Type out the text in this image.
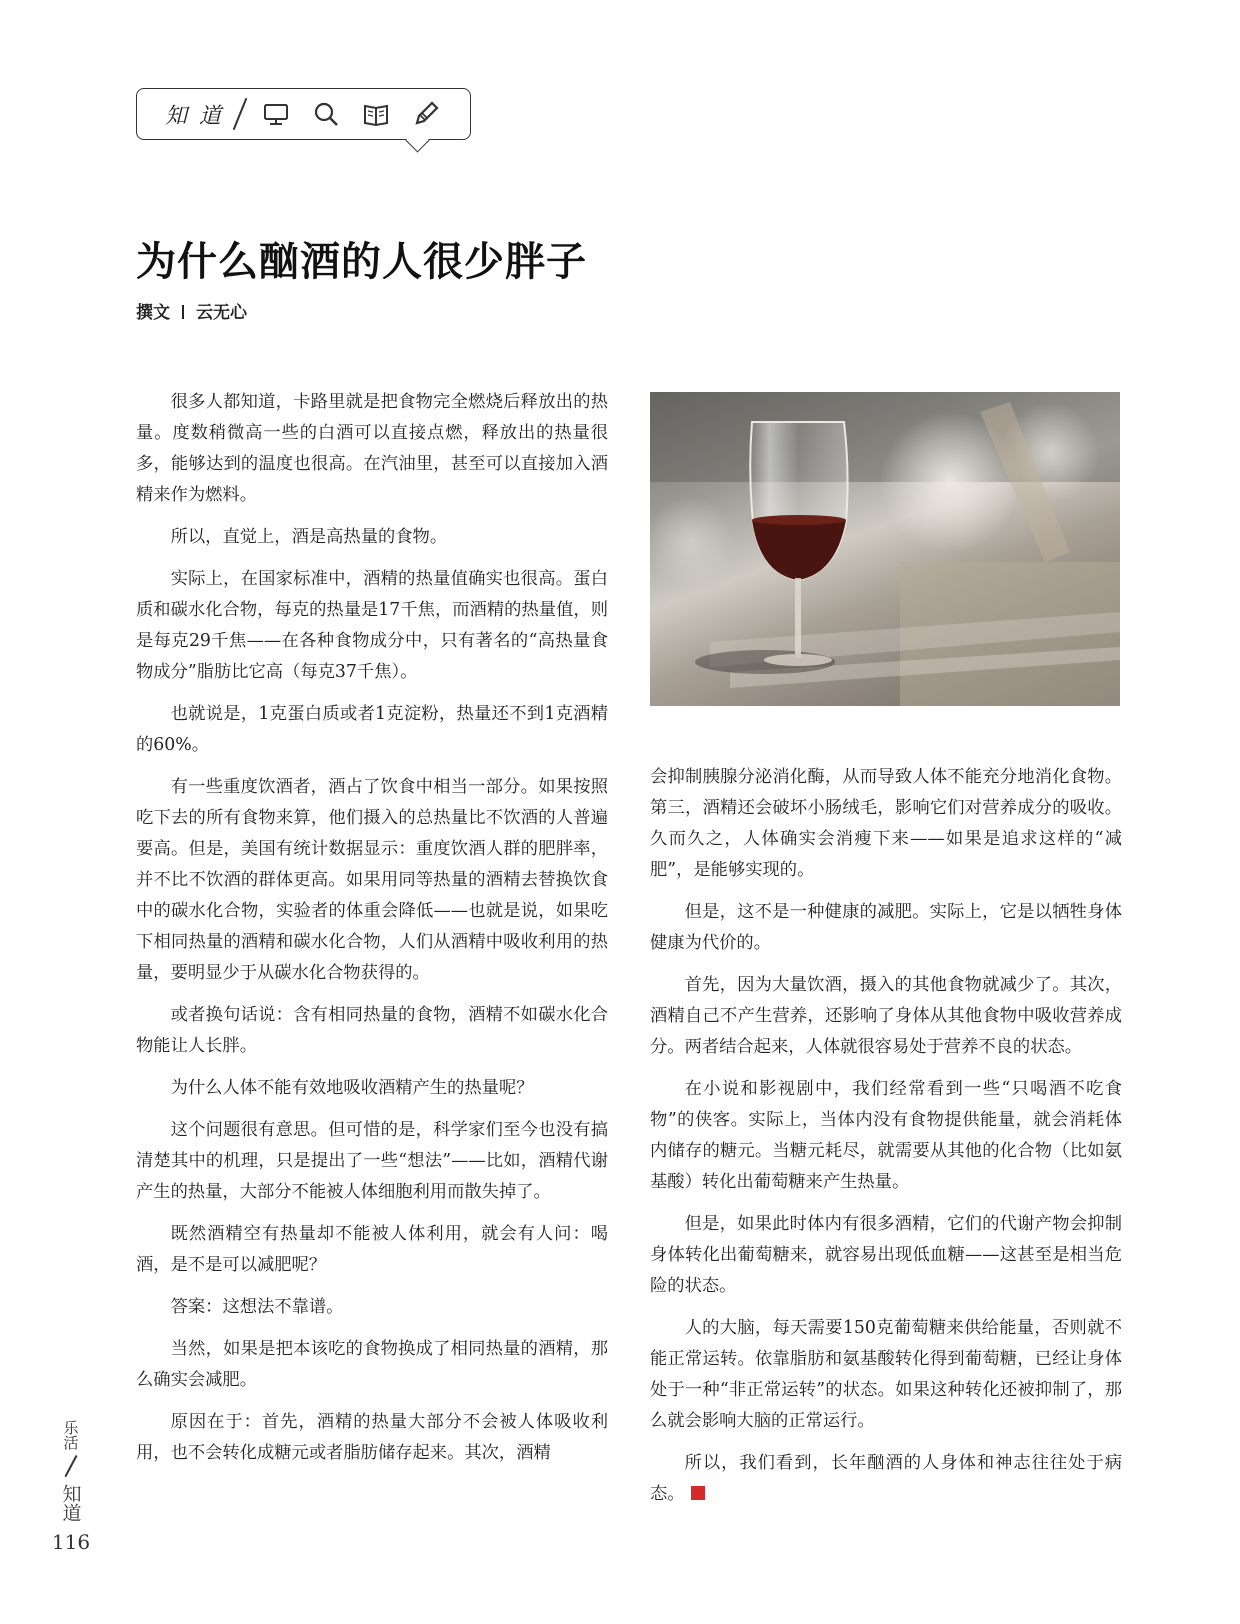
知道
为什么酗酒的人很少胖子
撰文 云无心

很多人都知道，卡路里就是把食物完全燃烧后释放出的热量。度数稍微高一些的白酒可以直接点燃，释放出的热量很多，能够达到的温度也很高。在汽油里，甚至可以直接加入酒精来作为燃料。

所以，直觉上，酒是高热量的食物。

实际上，在国家标准中，酒精的热量值确实也很高。蛋白质和碳水化合物，每克的热量是17千焦，而酒精的热量值，则是每克29千焦——在各种食物成分中，只有著名的“高热量食物成分”脂肪比它高（每克37千焦）。

也就说是，1克蛋白质或者1克淀粉，热量还不到1克酒精的60%。

有一些重度饮酒者，酒占了饮食中相当一部分。如果按照吃下去的所有食物来算，他们摄入的总热量比不饮酒的人普遍要高。但是，美国有统计数据显示：重度饮酒人群的肥胖率，并不比不饮酒的群体更高。如果用同等热量的酒精去替换饮食中的碳水化合物，实验者的体重会降低——也就是说，如果吃下相同热量的酒精和碳水化合物，人们从酒精中吸收利用的热量，要明显少于从碳水化合物获得的。

或者换句话说：含有相同热量的食物，酒精不如碳水化合物能让人长胖。

为什么人体不能有效地吸收酒精产生的热量呢？

这个问题很有意思。但可惜的是，科学家们至今也没有搞清楚其中的机理，只是提出了一些“想法”——比如，酒精代谢产生的热量，大部分不能被人体细胞利用而散失掉了。

既然酒精空有热量却不能被人体利用，就会有人问：喝酒，是不是可以减肥呢？

答案：这想法不靠谱。

当然，如果是把本该吃的食物换成了相同热量的酒精，那么确实会减肥。

原因在于：首先，酒精的热量大部分不会被人体吸收利用，也不会转化成糖元或者脂肪储存起来。其次，酒精

会抑制胰腺分泌消化酶，从而导致人体不能充分地消化食物。第三，酒精还会破坏小肠绒毛，影响它们对营养成分的吸收。久而久之，人体确实会消瘦下来——如果是追求这样的“减肥”，是能够实现的。

但是，这不是一种健康的减肥。实际上，它是以牺牲身体健康为代价的。

首先，因为大量饮酒，摄入的其他食物就减少了。其次，酒精自己不产生营养，还影响了身体从其他食物中吸收营养成分。两者结合起来，人体就很容易处于营养不良的状态。

在小说和影视剧中，我们经常看到一些“只喝酒不吃食物”的侠客。实际上，当体内没有食物提供能量，就会消耗体内储存的糖元。当糖元耗尽，就需要从其他的化合物（比如氨基酸）转化出葡萄糖来产生热量。

但是，如果此时体内有很多酒精，它们的代谢产物会抑制身体转化出葡萄糖来，就容易出现低血糖——这甚至是相当危险的状态。

人的大脑，每天需要150克葡萄糖来供给能量，否则就不能正常运转。依靠脂肪和氨基酸转化得到葡萄糖，已经让身体处于一种“非正常运转”的状态。如果这种转化还被抑制了，那么就会影响大脑的正常运行。

所以，我们看到，长年酗酒的人身体和神志往往处于病态。

乐活
知道
116
